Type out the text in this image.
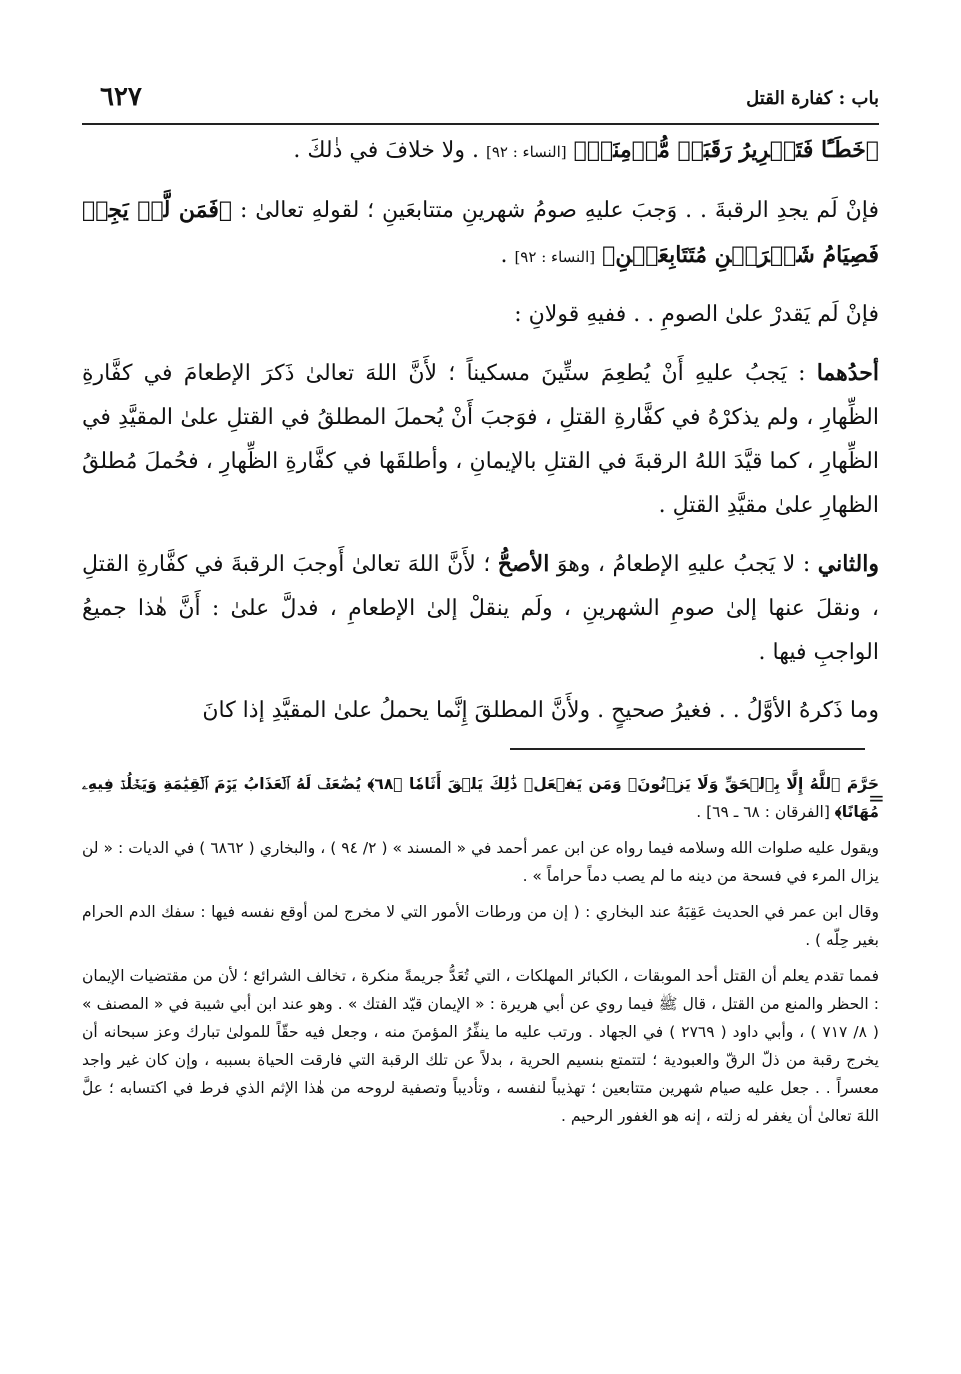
باب : كفارة القتل
٦٢٧

﴿خَطَـًٔا فَتَحۡرِيرُ رَقَبَةٖ مُّؤۡمِنَةٖ﴾ [النساء : ٩٢] . ولا خلافَ في ذٰلكَ .

فإنْ لَم يجدِ الرقبةَ . . وَجبَ عليهِ صومُ شهرينِ متتابعَينِ ؛ لقولهِ تعالىٰ : ﴿فَمَن لَّمۡ يَجِدۡ فَصِيَامُ شَهۡرَيۡنِ مُتَتَابِعَيۡنِ﴾ [النساء : ٩٢] .

فإنْ لَم يَقدرْ علىٰ الصومِ . . ففيهِ قولانِ :

أحدُهما : يَجبُ عليهِ أَنْ يُطعِمَ ستِّينَ مسكيناً ؛ لأَنَّ اللهَ تعالىٰ ذَكرَ الإطعامَ في كفَّارةِ الظِّهارِ ، ولم يذكرْهُ في كفَّارةِ القتلِ ، فوَجبَ أَنْ يُحملَ المطلقُ في القتلِ علىٰ المقيَّدِ في الظِّهارِ ، كما قيَّدَ اللهُ الرقبةَ في القتلِ بالإيمانِ ، وأطلقَها في كفَّارةِ الظِّهارِ ، فحُملَ مُطلقُ الظهارِ علىٰ مقيَّدِ القتلِ .

والثاني : لا يَجبُ عليهِ الإطعامُ ، وهوَ الأصحُّ ؛ لأَنَّ اللهَ تعالىٰ أَوجبَ الرقبةَ في كفَّارةِ القتلِ ، ونقلَ عنها إلىٰ صومِ الشهرينِ ، ولَم ينقلْ إلىٰ الإطعامِ ، فدلَّ علىٰ : أَنَّ هٰذا جميعُ الواجبِ فيها .

وما ذَكرهُ الأوَّلُ . . فغيرُ صحيحٍ . ولأَنَّ المطلقَ إِنَّما يحملُ علىٰ المقيَّدِ إذا كانَ

=

حَرَّمَ ٱللَّهُ إِلَّا بِٱلۡحَقِّ وَلَا يَزۡنُونَۚ وَمَن يَفۡعَلۡ ذَٰلِكَ يَلۡقَ أَثَامٗا ﴿٦٨﴾ يُضَٰعَفۡ لَهُ ٱلۡعَذَابُ يَوۡمَ ٱلۡقِيَٰمَةِ وَيَخۡلُدۡ فِيهِۦ مُهَانًا﴾ [الفرقان : ٦٨ ـ ٦٩] .

ويقول عليه صلوات الله وسلامه فيما رواه عن ابن عمر أحمد في « المسند » ( ٢/ ٩٤ ) ، والبخاري ( ٦٨٦٢ ) في الديات : « لن يزال المرء في فسحة من دينه ما لم يصب دماً حراماً » .

وقال ابن عمر في الحديث عَقِبَهُ عند البخاري : ( إن من ورطات الأمور التي لا مخرج لمن أوقع نفسه فيها : سفك الدم الحرام بغير حِلّه ) .

فمما تقدم يعلم أن القتل أحد الموبقات ، الكبائر المهلكات ، التي تُعَدُّ جريمةً منكرة ، تخالف الشرائع ؛ لأن من مقتضيات الإيمان : الحظر والمنع من القتل ، قال ﷺ فيما روي عن أبي هريرة : « الإيمان قيّد الفتك » . وهو عند ابن أبي شيبة في « المصنف » ( ٨/ ٧١٧ ) ، وأبي داود ( ٢٧٦٩ ) في الجهاد . ورتب عليه ما ينفِّرُ المؤمنَ منه ، وجعل فيه حقّاً للمولىٰ تبارك وعز سبحانه أن يخرج رقبة من ذلّ الرقّ والعبودية ؛ لتتمتع بنسيم الحرية ، بدلاً عن تلك الرقبة التي فارقت الحياة بسببه ، وإن كان غير واجد معسراً . . جعل عليه صيام شهرين متتابعين ؛ تهذيباً لنفسه ، وتأديباً وتصفية لروحه من هٰذا الإثم الذي فرط في اكتسابه ؛ علَّ اللهَ تعالىٰ أن يغفر له زلته ، إنه هو الغفور الرحيم .
